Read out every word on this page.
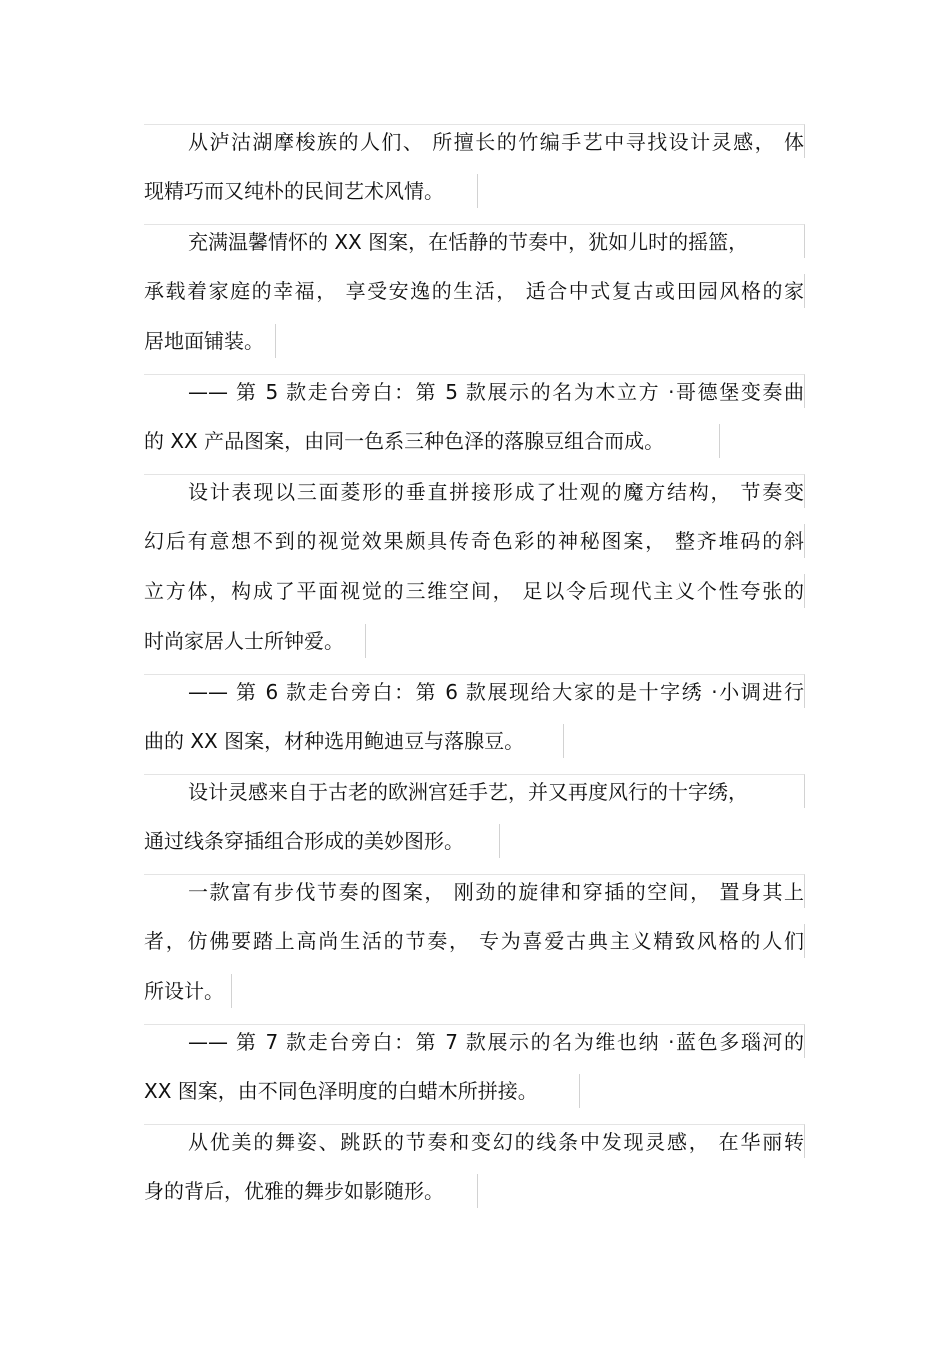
从泸沽湖摩梭族的人们、 所擅长的竹编手艺中寻找设计灵感， 体
现精巧而又纯朴的民间艺术风情。
充满温馨情怀的 XX 图案，在恬静的节奏中，犹如儿时的摇篮，
承载着家庭的幸福， 享受安逸的生活， 适合中式复古或田园风格的家
居地面铺装。
—— 第 5 款走台旁白：第 5 款展示的名为木立方 ·哥德堡变奏曲
的 XX 产品图案，由同一色系三种色泽的落腺豆组合而成。
设计表现以三面菱形的垂直拼接形成了壮观的魔方结构， 节奏变
幻后有意想不到的视觉效果颇具传奇色彩的神秘图案， 整齐堆码的斜
立方体，构成了平面视觉的三维空间， 足以令后现代主义个性夸张的
时尚家居人士所钟爱。
—— 第 6 款走台旁白：第 6 款展现给大家的是十字绣 ·小调进行
曲的 XX 图案，材种选用鲍迪豆与落腺豆。
设计灵感来自于古老的欧洲宫廷手艺，并又再度风行的十字绣，
通过线条穿插组合形成的美妙图形。
一款富有步伐节奏的图案， 刚劲的旋律和穿插的空间， 置身其上
者，仿佛要踏上高尚生活的节奏， 专为喜爱古典主义精致风格的人们
所设计。
—— 第 7 款走台旁白：第 7 款展示的名为维也纳 ·蓝色多瑙河的
XX 图案，由不同色泽明度的白蜡木所拼接。
从优美的舞姿、跳跃的节奏和变幻的线条中发现灵感， 在华丽转
身的背后，优雅的舞步如影随形。
